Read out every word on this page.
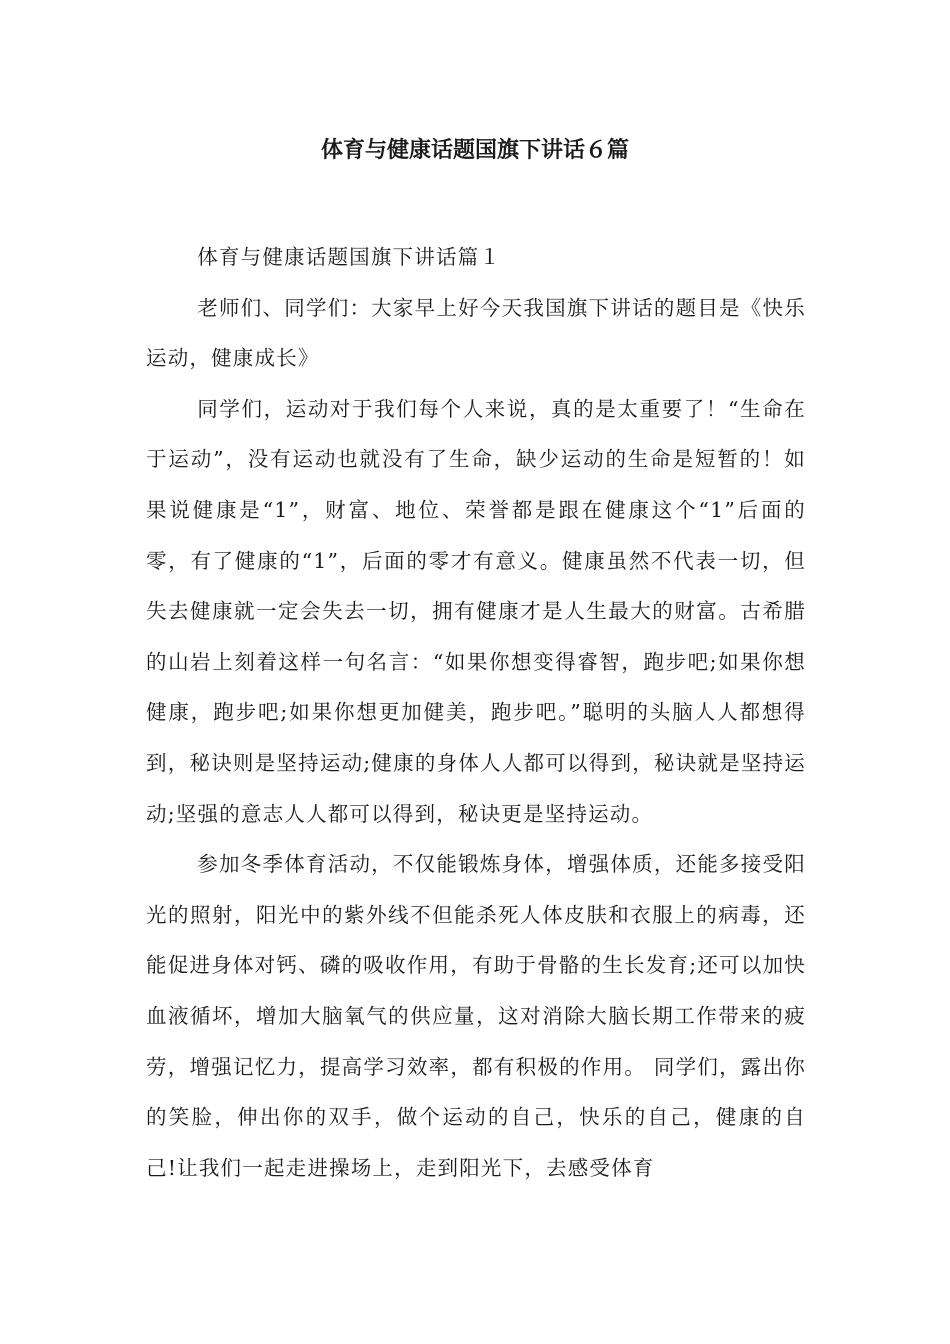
体育与健康话题国旗下讲话６篇

体育与健康话题国旗下讲话篇１

老师们、同学们：大家早上好今天我国旗下讲话的题目是《快乐运动，健康成长》

同学们，运动对于我们每个人来说，真的是太重要了！“生命在于运动”，没有运动也就没有了生命，缺少运动的生命是短暂的！如果说健康是“1”，财富、地位、荣誉都是跟在健康这个“1”后面的零，有了健康的“1”，后面的零才有意义。健康虽然不代表一切，但失去健康就一定会失去一切，拥有健康才是人生最大的财富。古希腊的山岩上刻着这样一句名言：“如果你想变得睿智，跑步吧;如果你想健康，跑步吧;如果你想更加健美，跑步吧。”聪明的头脑人人都想得到，秘诀则是坚持运动;健康的身体人人都可以得到，秘诀就是坚持运动;坚强的意志人人都可以得到，秘诀更是坚持运动。

参加冬季体育活动，不仅能锻炼身体，增强体质，还能多接受阳光的照射，阳光中的紫外线不但能杀死人体皮肤和衣服上的病毒，还能促进身体对钙、磷的吸收作用，有助于骨骼的生长发育;还可以加快血液循坏，增加大脑氧气的供应量，这对消除大脑长期工作带来的疲劳，增强记忆力，提高学习效率，都有积极的作用。 同学们，露出你的笑脸，伸出你的双手，做个运动的自己，快乐的自己，健康的自己!让我们一起走进操场上，走到阳光下，去感受体育
